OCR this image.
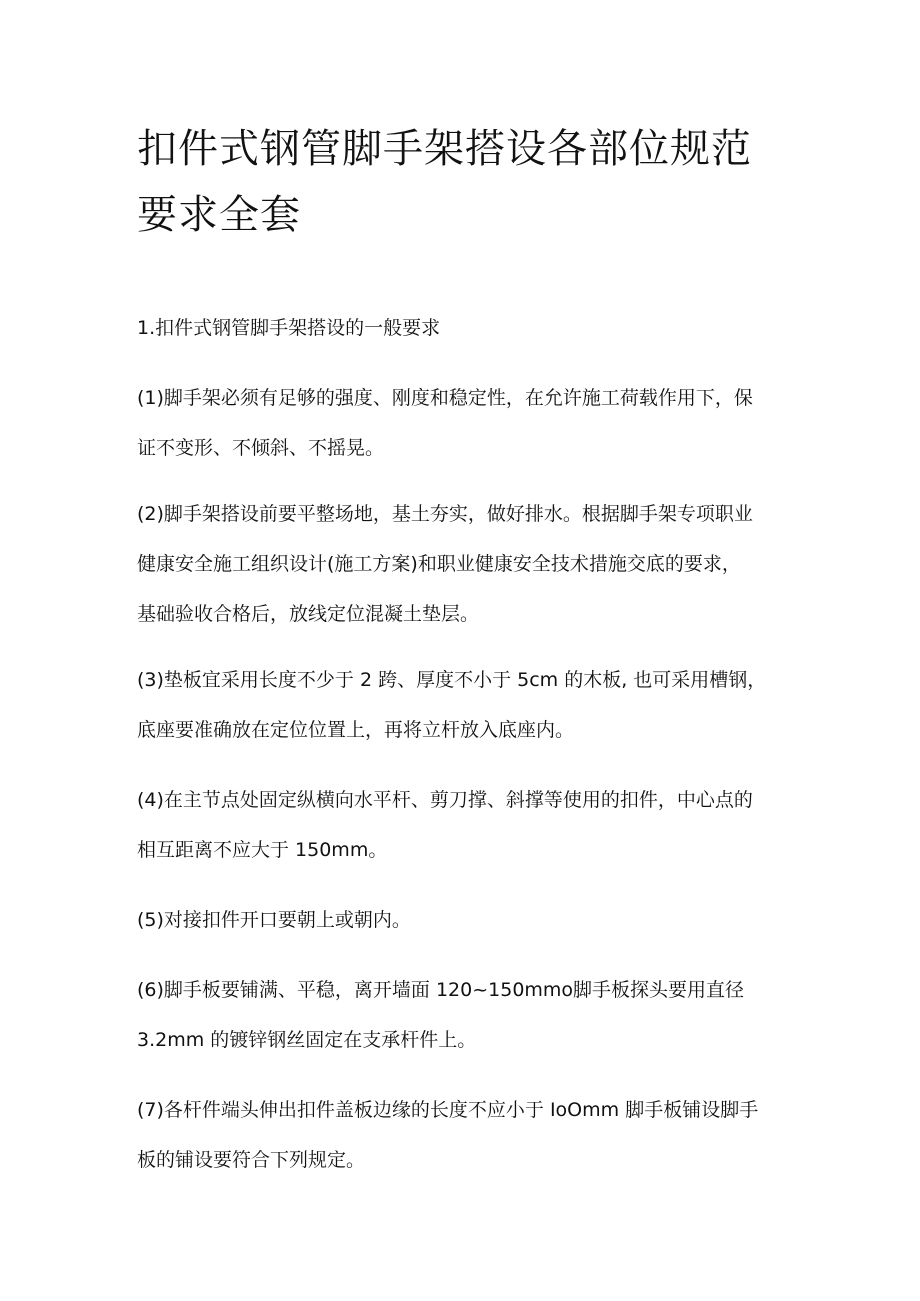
扣件式钢管脚手架搭设各部位规范
要求全套

1.扣件式钢管脚手架搭设的一般要求

(1)脚手架必须有足够的强度、刚度和稳定性，在允许施工荷载作用下，保
证不变形、不倾斜、不摇晃。

(2)脚手架搭设前要平整场地，基土夯实，做好排水。根据脚手架专项职业
健康安全施工组织设计(施工方案)和职业健康安全技术措施交底的要求，
基础验收合格后，放线定位混凝土垫层。

(3)垫板宜采用长度不少于 2 跨、厚度不小于 5cm 的木板, 也可采用槽钢，
底座要准确放在定位位置上，再将立杆放入底座内。

(4)在主节点处固定纵横向水平杆、剪刀撑、斜撑等使用的扣件，中心点的
相互距离不应大于 150mm。

(5)对接扣件开口要朝上或朝内。

(6)脚手板要铺满、平稳，离开墙面 120~150mmo脚手板探头要用直径
3.2mm 的镀锌钢丝固定在支承杆件上。

(7)各杆件端头伸出扣件盖板边缘的长度不应小于 IoOmm 脚手板铺设脚手
板的铺设要符合下列规定。
